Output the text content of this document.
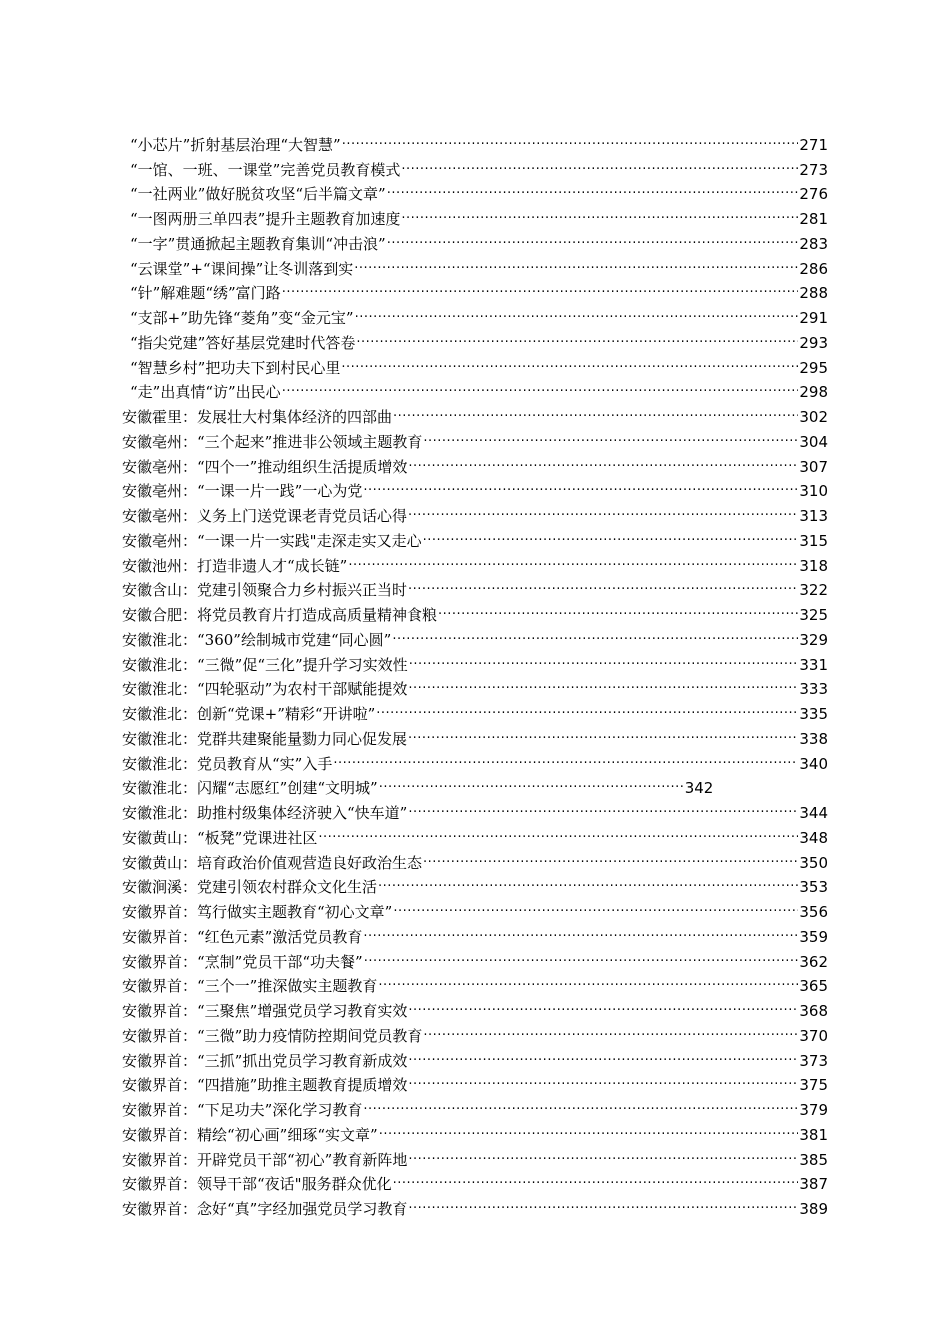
“小芯片”折射基层治理“大智慧” .....	271
“一馆、一班、一课堂”完善党员教育模式 .....	273
“一社两业”做好脱贫攻坚“后半篇文章” .....	276
“一图两册三单四表”提升主题教育加速度 .....	281
“一字”贯通掀起主题教育集训“冲击浪” .....	283
“云课堂”+“课间操”让冬训落到实 .....	286
“针”解难题“绣”富门路 .....	288
“支部+”助先锋“菱角”变“金元宝” .....	291
“指尖党建”答好基层党建时代答卷 .....	293
“智慧乡村”把功夫下到村民心里 .....	295
“走”出真情“访”出民心 .....	298
安徽霍里：发展壮大村集体经济的四部曲 .....	302
安徽亳州：“三个起来”推进非公领域主题教育 .....	304
安徽亳州：“四个一”推动组织生活提质增效 .....	307
安徽亳州：“一课一片一践”一心为党 .....	310
安徽亳州：义务上门送党课老青党员话心得 .....	313
安徽亳州：“一课一片一实践"走深走实又走心 .....	315
安徽池州：打造非遗人才“成长链” .....	318
安徽含山：党建引领聚合力乡村振兴正当时 .....	322
安徽合肥：将党员教育片打造成高质量精神食粮 .....	325
安徽淮北：“360”绘制城市党建“同心圆” .....	329
安徽淮北：“三微”促“三化”提升学习实效性 .....	331
安徽淮北：“四轮驱动”为农村干部赋能提效 .....	333
安徽淮北：创新“党课+”精彩“开讲啦” .....	335
安徽淮北：党群共建聚能量勠力同心促发展 .....	338
安徽淮北：党员教育从“实”入手 .....	340
安徽淮北：闪耀“志愿红”创建“文明城” .....	342
安徽淮北：助推村级集体经济驶入“快车道” .....	344
安徽黄山：“板凳”党课进社区 .....	348
安徽黄山：培育政治价值观营造良好政治生态 .....	350
安徽涧溪：党建引领农村群众文化生活 .....	353
安徽界首：笃行做实主题教育“初心文章” .....	356
安徽界首：“红色元素”激活党员教育 .....	359
安徽界首：“烹制”党员干部“功夫餐” .....	362
安徽界首：“三个一”推深做实主题教育 .....	365
安徽界首：“三聚焦”增强党员学习教育实效 .....	368
安徽界首：“三微”助力疫情防控期间党员教育 .....	370
安徽界首：“三抓”抓出党员学习教育新成效 .....	373
安徽界首：“四措施”助推主题教育提质增效 .....	375
安徽界首：“下足功夫”深化学习教育 .....	379
安徽界首：精绘“初心画”细琢“实文章” .....	381
安徽界首：开辟党员干部“初心”教育新阵地 .....	385
安徽界首：领导干部“夜话"服务群众优化 .....	387
安徽界首：念好“真”字经加强党员学习教育 .....	389
